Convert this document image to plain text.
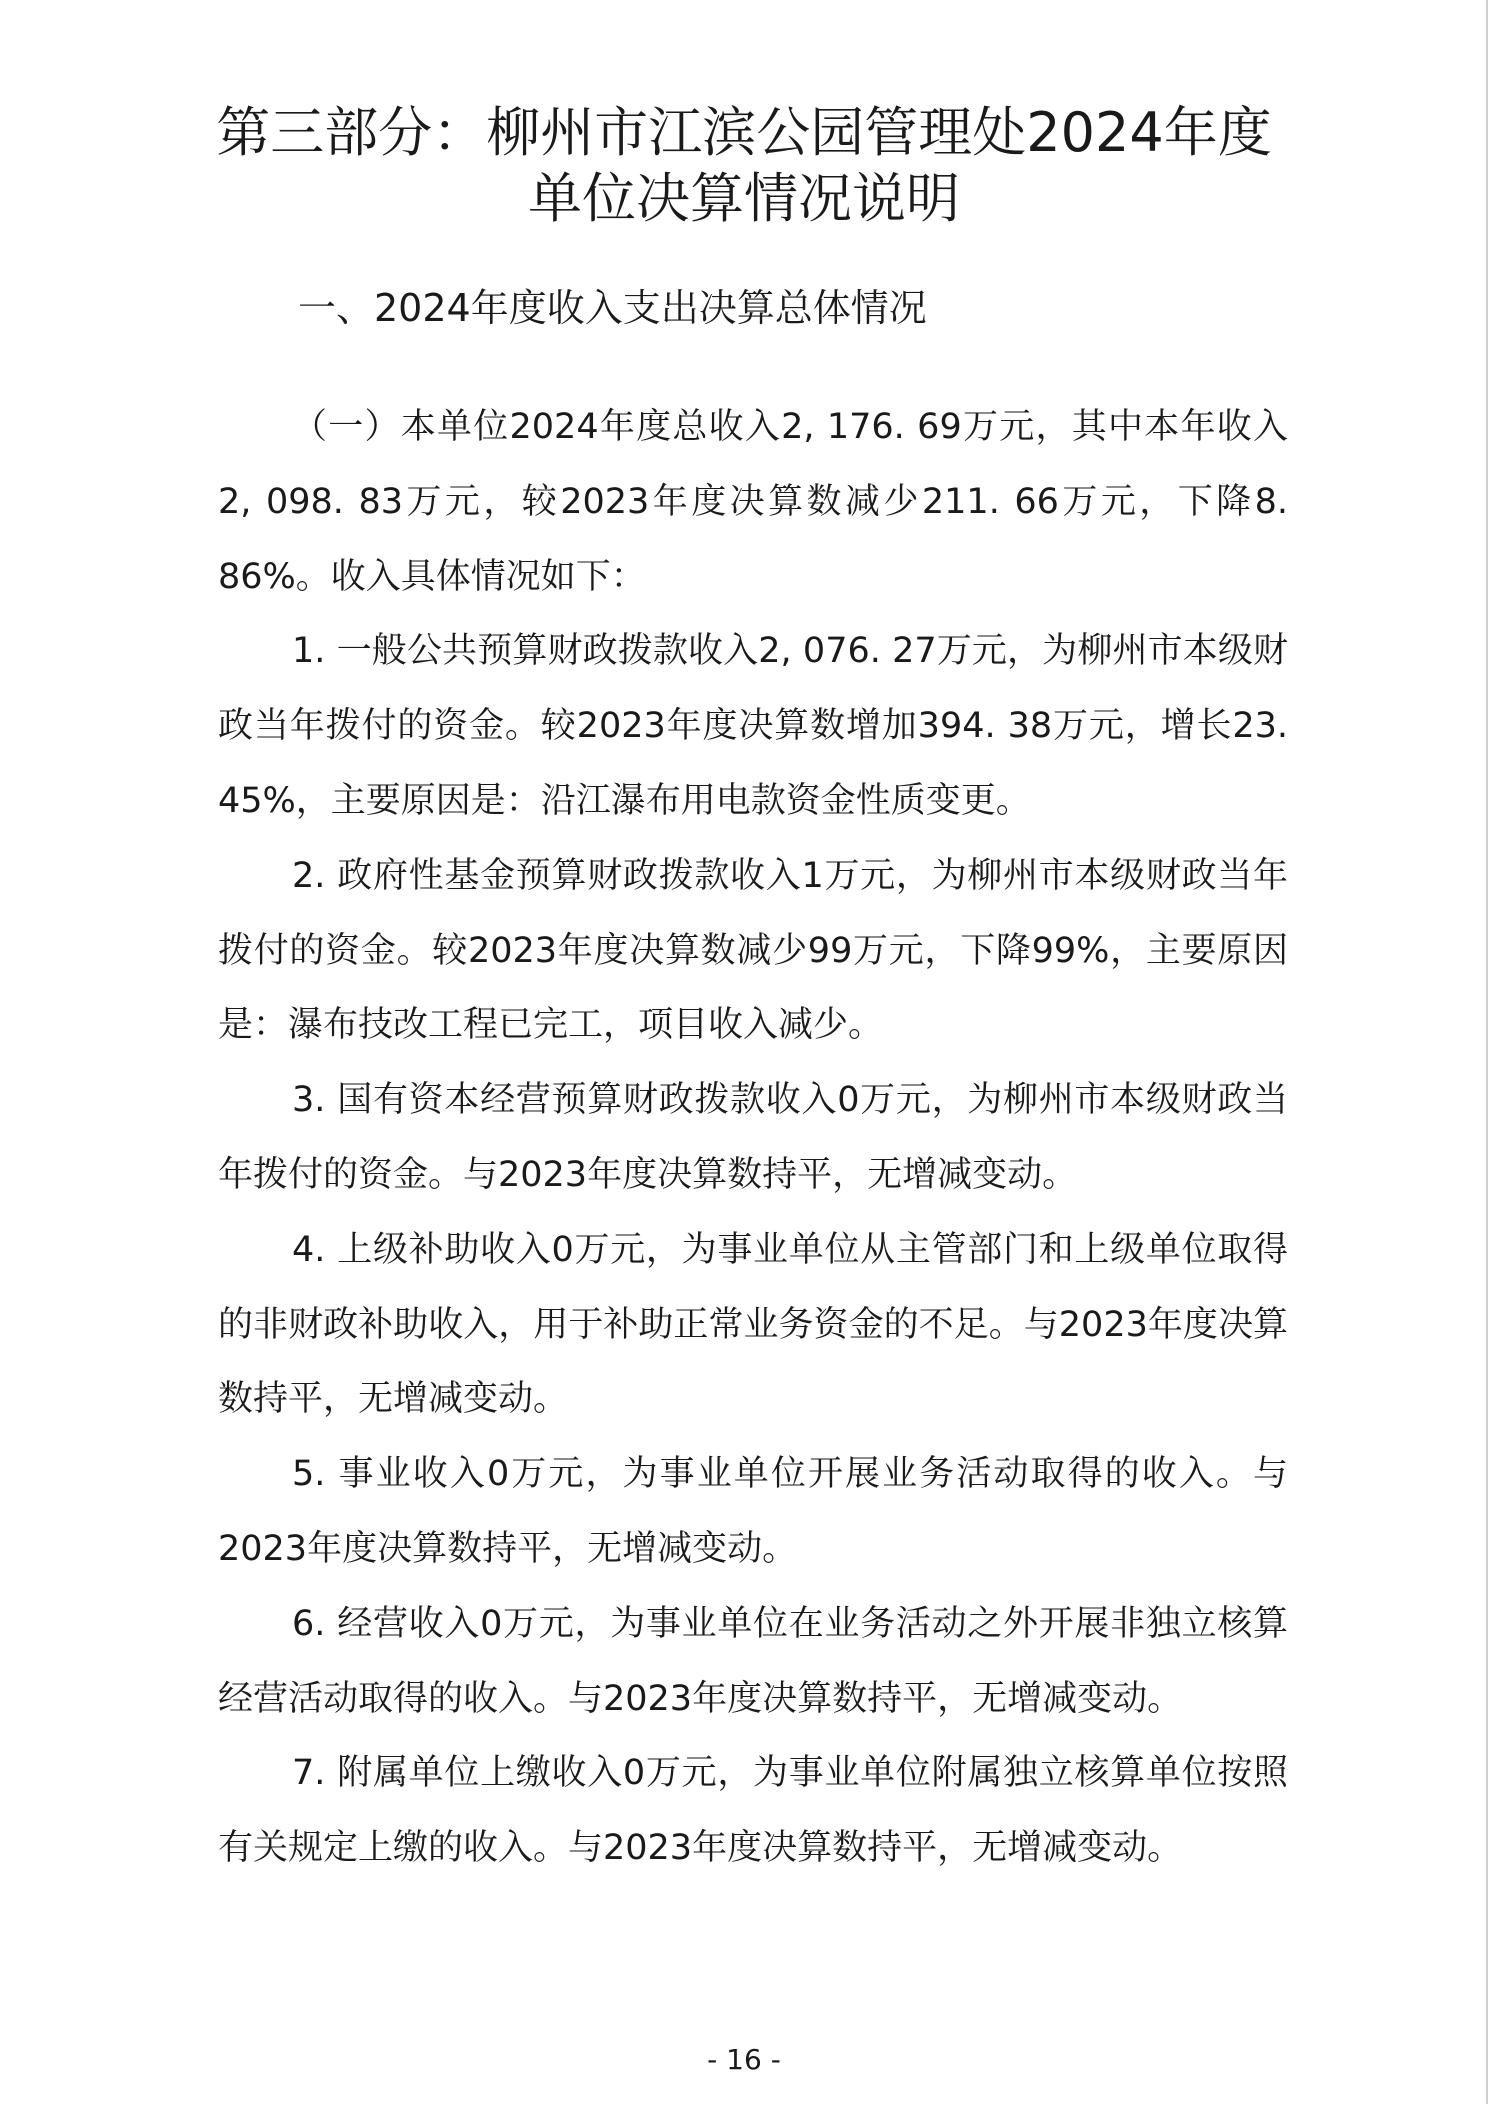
第三部分：柳州市江滨公园管理处2024年度
单位决算情况说明
一、2024年度收入支出决算总体情况

（一）本单位2024年度总收入2, 176. 69万元，其中本年收入2, 098. 83万元，较2023年度决算数减少211. 66万元，下降8. 86%。收入具体情况如下：

1. 一般公共预算财政拨款收入2, 076. 27万元，为柳州市本级财政当年拨付的资金。较2023年度决算数增加394. 38万元，增长23. 45%，主要原因是：沿江瀑布用电款资金性质变更。

2. 政府性基金预算财政拨款收入1万元，为柳州市本级财政当年拨付的资金。较2023年度决算数减少99万元，下降99%，主要原因是：瀑布技改工程已完工，项目收入减少。

3. 国有资本经营预算财政拨款收入0万元，为柳州市本级财政当年拨付的资金。与2023年度决算数持平，无增减变动。

4. 上级补助收入0万元，为事业单位从主管部门和上级单位取得的非财政补助收入，用于补助正常业务资金的不足。与2023年度决算数持平，无增减变动。

5. 事业收入0万元，为事业单位开展业务活动取得的收入。与2023年度决算数持平，无增减变动。

6. 经营收入0万元，为事业单位在业务活动之外开展非独立核算经营活动取得的收入。与2023年度决算数持平，无增减变动。

7. 附属单位上缴收入0万元，为事业单位附属独立核算单位按照有关规定上缴的收入。与2023年度决算数持平，无增减变动。

- 16 -
